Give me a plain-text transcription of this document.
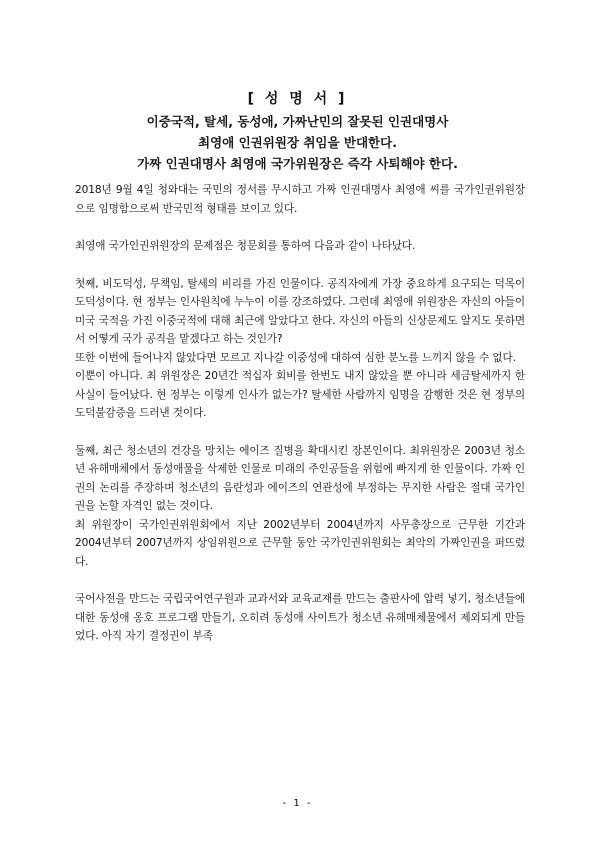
[ 성 명 서 ]
이중국적, 탈세, 동성애, 가짜난민의 잘못된 인권대명사
최영애 인권위원장 취임을 반대한다.
가짜 인권대명사 최영애 국가위원장은 즉각 사퇴해야 한다.

2018년 9월 4일 청와대는 국민의 정서를 무시하고 가짜 인권대명사 최영애 씨를 국가인권위원장으로 임명함으로써 반국민적 형태를 보이고 있다.

최영애 국가인권위원장의 문제점은 청문회를 통하여 다음과 같이 나타났다.

첫째, 비도덕성, 무책임, 탈세의 비리를 가진 인물이다. 공직자에게 가장 중요하게 요구되는 덕목이 도덕성이다. 현 정부는 인사원칙에 누누이 이를 강조하였다. 그런데 최영애 위원장은 자신의 아들이 미국 국적을 가진 이중국적에 대해 최근에 알았다고 한다. 자신의 아들의 신상문제도 알지도 못하면서 어떻게 국가 공직을 맡겠다고 하는 것인가?

또한 이번에 들어나지 않았다면 모르고 지나갈 이중성에 대하여 심한 분노를 느끼지 않을 수 없다.

이뿐이 아니다. 최 위원장은 20년간 적십자 회비를 한번도 내지 않았을 뿐 아니라 세금탈세까지 한 사실이 들어났다. 현 정부는 이렇게 인사가 없는가? 탈세한 사람까지 임명을 감행한 것은 현 정부의 도덕불감증을 드러낸 것이다.

둘째, 최근 청소년의 건강을 망치는 에이즈 질병을 확대시킨 장본인이다. 최위원장은 2003년 청소년 유해매체에서 동성애물을 삭제한 인물로 미래의 주인공들을 위험에 빠지게 한 인물이다. 가짜 인권의 논리를 주장하며 청소년의 음란성과 에이즈의 연관성에 부정하는 무지한 사람은 절대 국가인권을 논할 자격인 없는 것이다.

최 위원장이 국가인권위원회에서 지난 2002년부터 2004년까지 사무총장으로 근무한 기간과 2004년부터 2007년까지 상임위원으로 근무할 동안 국가인권위원회는 최악의 가짜인권을 퍼뜨렸다.

국어사전을 만드는 국립국어연구원과 교과서와 교육교재를 만드는 출판사에 압력 넣기, 청소년들에 대한 동성애 옹호 프로그램 만들기, 오히려 동성애 사이트가 청소년 유해매체물에서 제외되게 만들었다. 아직 자기 결정권이 부족

- 1 -
